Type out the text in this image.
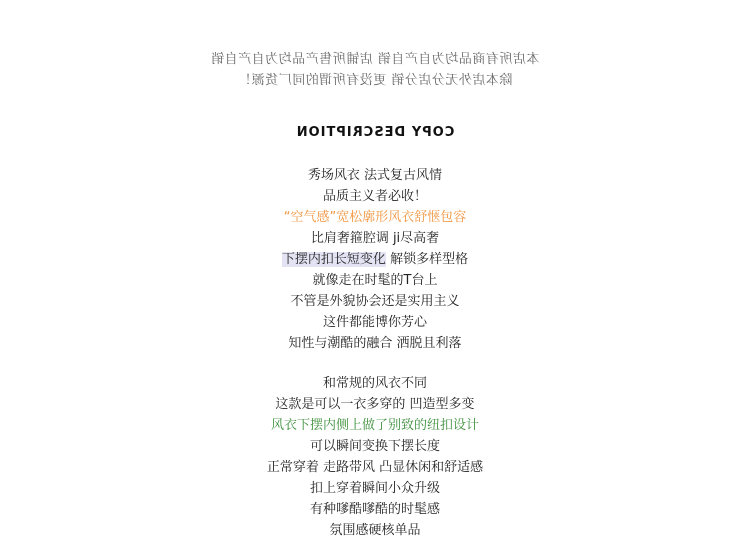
本店所有商品均为自产自销 店铺所售产品均为自产自销
除本店外无分店分销 更没有所谓的同厂货源！
COPY DESCRIPTION
秀场风衣 法式复古风情
品质主义者必收！
“空气感”宽松廓形风衣舒惬包容
比肩奢箍腔调 ji尽高奢
下摆内扣长短变化 解锁多样型格
就像走在时髦的T台上
不管是外貌协会还是实用主义
这件都能博你芳心
知性与潮酷的融合 洒脱且利落
和常规的风衣不同
这款是可以一衣多穿的 凹造型多变
风衣下摆内侧上做了别致的纽扣设计
可以瞬间变换下摆长度
正常穿着 走路带风 凸显休闲和舒适感
扣上穿着瞬间小众升级
有种嗲酷嗲酷的时髦感
氛围感硬核单品
